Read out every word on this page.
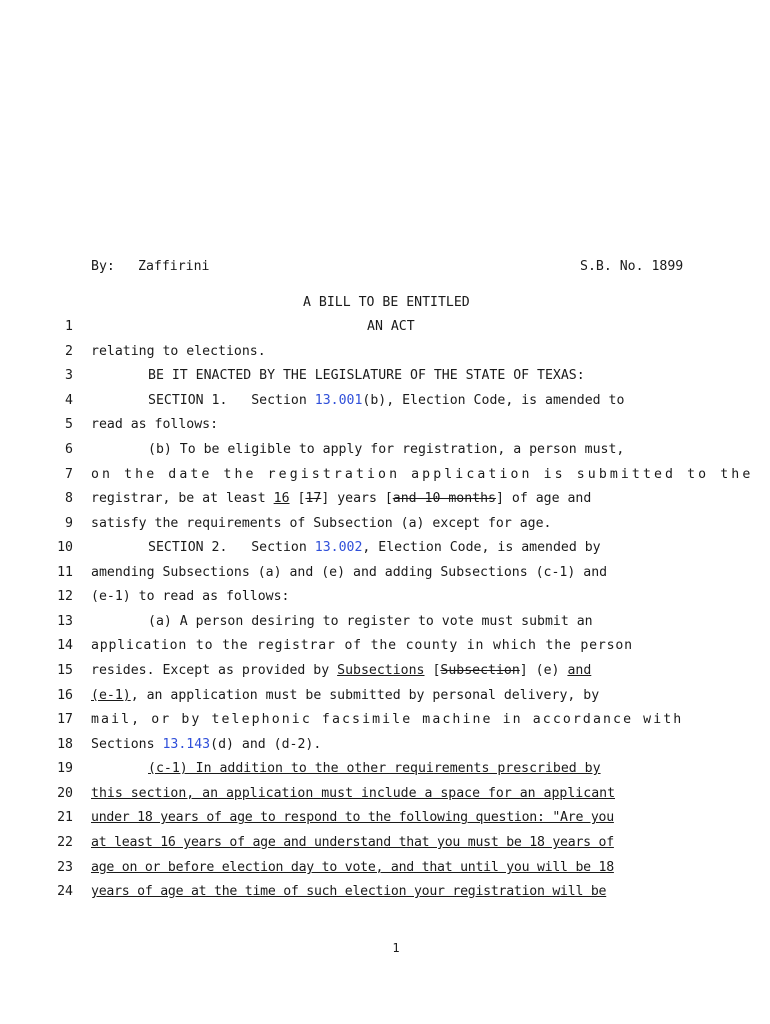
By: Zaffirini	S.B. No. 1899
A BILL TO BE ENTITLED
1
2
3
4
5
6
7
8
9
10
11
12
13
14
15
16
17
18
19
20
21
22
23
24
AN ACT
relating to elections.
BE IT ENACTED BY THE LEGISLATURE OF THE STATE OF TEXAS:
SECTION 1. Section 13.001(b), Election Code, is amended to
read as follows:
(b) To be eligible to apply for registration, a person must,
on the date the registration application is submitted to the
registrar, be at least 16 [17] years [and 10 months] of age and
satisfy the requirements of Subsection (a) except for age.
SECTION 2. Section 13.002, Election Code, is amended by
amending Subsections (a) and (e) and adding Subsections (c-1) and
(e-1) to read as follows:
(a) A person desiring to register to vote must submit an
application to the registrar of the county in which the person
resides. Except as provided by Subsections [Subsection] (e) and
(e-1), an application must be submitted by personal delivery, by
mail, or by telephonic facsimile machine in accordance with
Sections 13.143(d) and (d-2).
(c-1) In addition to the other requirements prescribed by
this section, an application must include a space for an applicant
under 18 years of age to respond to the following question: "Are you
at least 16 years of age and understand that you must be 18 years of
age on or before election day to vote, and that until you will be 18
years of age at the time of such election your registration will be
1
